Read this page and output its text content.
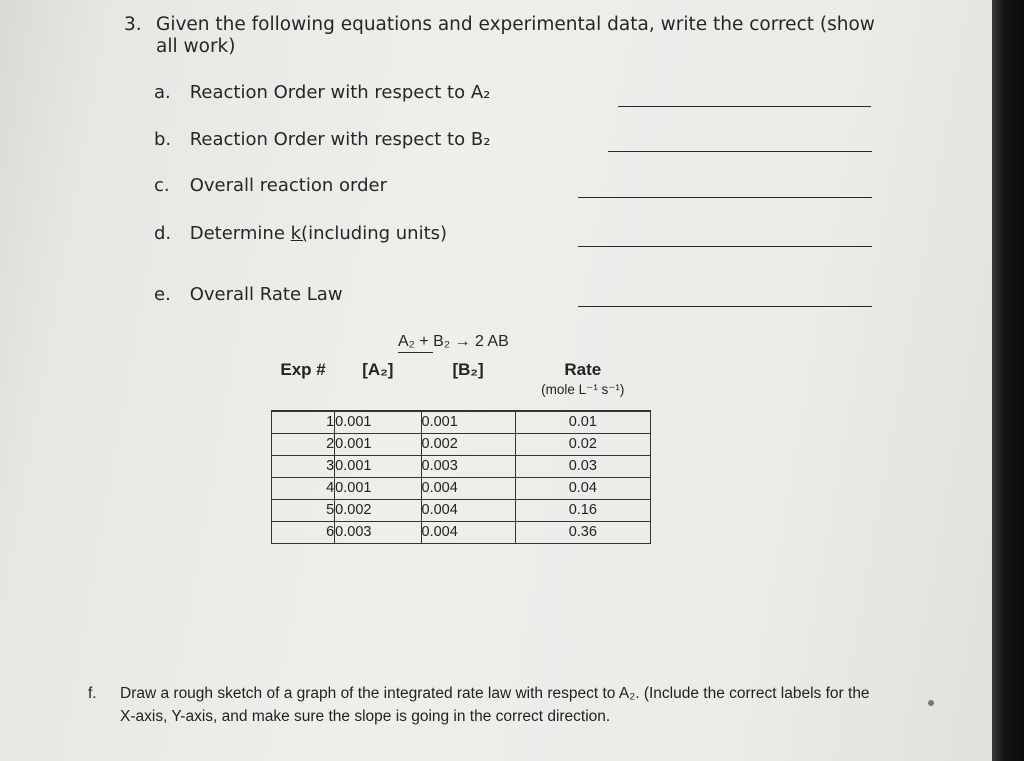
3. Given the following equations and experimental data, write the correct (show all work)
a. Reaction Order with respect to A₂
b. Reaction Order with respect to B₂
c. Overall reaction order
d. Determine k(including units)
e. Overall Rate Law
A₂ + B₂ → 2 AB
Exp #	[A₂]	[B₂]	Rate
(mole L⁻¹ s⁻¹)

1	0.001	0.001	0.01
2	0.001	0.002	0.02
3	0.001	0.003	0.03
4	0.001	0.004	0.04
5	0.002	0.004	0.16
6	0.003	0.004	0.36
f. Draw a rough sketch of a graph of the integrated rate law with respect to A₂. (Include the correct labels for the X-axis, Y-axis, and make sure the slope is going in the correct direction.
